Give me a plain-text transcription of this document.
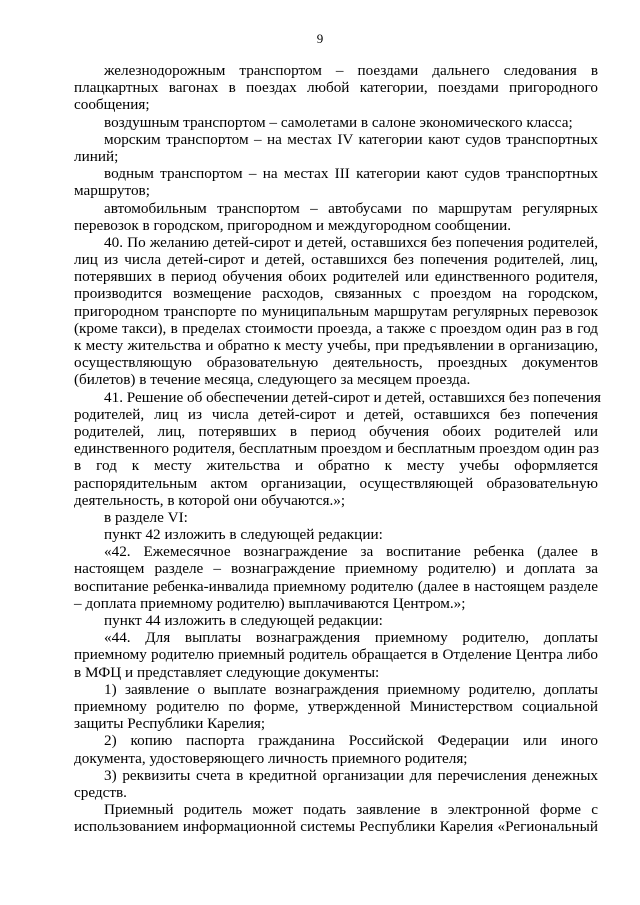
9
железнодорожным транспортом – поездами дальнего следования в
плацкартных вагонах в поездах любой категории, поездами пригородного
сообщения;
воздушным транспортом – самолетами в салоне экономического класса;
морским транспортом – на местах IV категории кают судов транспортных
линий;
водным транспортом – на местах III категории кают судов транспортных
маршрутов;
автомобильным транспортом – автобусами по маршрутам регулярных
перевозок в городском, пригородном и междугородном сообщении.
40. По желанию детей-сирот и детей, оставшихся без попечения родителей,
лиц из числа детей-сирот и детей, оставшихся без попечения родителей, лиц,
потерявших в период обучения обоих родителей или единственного родителя,
производится возмещение расходов, связанных с проездом на городском,
пригородном транспорте по муниципальным маршрутам регулярных перевозок
(кроме такси), в пределах стоимости проезда, а также с проездом один раз в год
к месту жительства и обратно к месту учебы, при предъявлении в организацию,
осуществляющую образовательную деятельность, проездных документов
(билетов) в течение месяца, следующего за месяцем проезда.
41. Решение об обеспечении детей-сирот и детей, оставшихся без попечения
родителей, лиц из числа детей-сирот и детей, оставшихся без попечения
родителей, лиц, потерявших в период обучения обоих родителей или
единственного родителя, бесплатным проездом и бесплатным проездом один раз
в год к месту жительства и обратно к месту учебы оформляется
распорядительным актом организации, осуществляющей образовательную
деятельность, в которой они обучаются.»;
в разделе VI:
пункт 42 изложить в следующей редакции:
«42. Ежемесячное вознаграждение за воспитание ребенка (далее в
настоящем разделе – вознаграждение приемному родителю) и доплата за
воспитание ребенка-инвалида приемному родителю (далее в настоящем разделе
– доплата приемному родителю) выплачиваются Центром.»;
пункт 44 изложить в следующей редакции:
«44. Для выплаты вознаграждения приемному родителю, доплаты
приемному родителю приемный родитель обращается в Отделение Центра либо
в МФЦ и представляет следующие документы:
1) заявление о выплате вознаграждения приемному родителю, доплаты
приемному родителю по форме, утвержденной Министерством социальной
защиты Республики Карелия;
2) копию паспорта гражданина Российской Федерации или иного
документа, удостоверяющего личность приемного родителя;
3) реквизиты счета в кредитной организации для перечисления денежных
средств.
Приемный родитель может подать заявление в электронной форме с
использованием информационной системы Республики Карелия «Региональный
